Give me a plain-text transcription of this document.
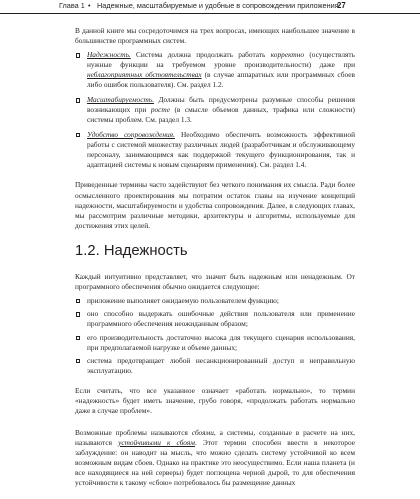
Глава 1 • Надежные, масштабируемые и удобные в сопровождении приложения
27

В данной книге мы сосредоточимся на трех вопросах, имеющих наибольшее значение в большинстве программных систем.

Надежность. Система должна продолжать работать корректно (осуществлять нужные функции на требуемом уровне производительности) даже при неблагоприятных обстоятельствах (в случае аппаратных или программных сбоев либо ошибок пользователя). См. раздел 1.2.
Масштабируемость. Должны быть предусмотрены разумные способы решения возникающих при росте (в смысле объемов данных, трафика или сложности) системы проблем. См. раздел 1.3.
Удобство сопровождения. Необходимо обеспечить возможность эффективной работы с системой множеству различных людей (разработчикам и обслуживающему персоналу, занимающимся как поддержкой текущего функционирования, так и адаптацией системы к новым сценариям применения). См. раздел 1.4.

Приведенные термины часто задействуют без четкого понимания их смысла. Ради более осмысленного проектирования мы потратим остаток главы на изучение концепций надежности, масштабируемости и удобства сопровождения. Далее, в следующих главах, мы рассмотрим различные методики, архитектуры и алгоритмы, используемые для достижения этих целей.

1.2. Надежность

Каждый интуитивно представляет, что значит быть надежным или ненадежным. От программного обеспечения обычно ожидается следующее:

приложение выполняет ожидаемую пользователем функцию;
оно способно выдержать ошибочные действия пользователя или применение программного обеспечения неожиданным образом;
его производительность достаточно высока для текущего сценария использования, при предполагаемой нагрузке и объеме данных;
система предотвращает любой несанкционированный доступ и неправильную эксплуатацию.

Если считать, что все указанное означает «работать нормально», то термин «надежность» будет иметь значение, грубо говоря, «продолжать работать нормально даже в случае проблем».

Возможные проблемы называются сбоями, а системы, созданные в расчете на них, называются устойчивыми к сбоям. Этот термин способен ввести в некоторое заблуждение: он наводит на мысль, что можно сделать систему устойчивой ко всем возможным видам сбоев. Однако на практике это неосуществимо. Если наша планета (и все находящиеся на ней серверы) будет поглощена черной дырой, то для обеспечения устойчивости к такому «сбою» потребовалось бы размещение данных
